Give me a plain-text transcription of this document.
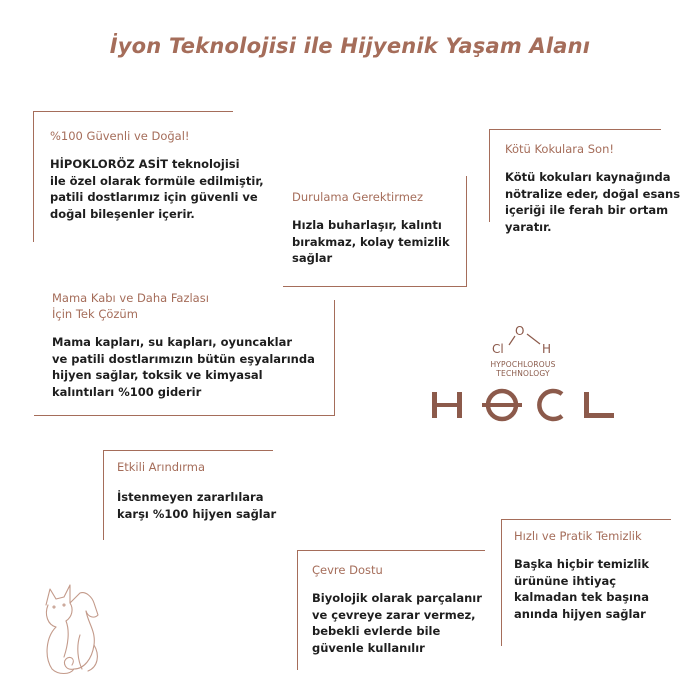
İyon Teknolojisi ile Hijyenik Yaşam Alanı
%100 Güvenli ve Doğal!
HİPOKLORÖZ ASİT teknolojisi
ile özel olarak formüle edilmiştir,
patili dostlarımız için güvenli ve
doğal bileşenler içerir.
Durulama Gerektirmez
Hızla buharlaşır, kalıntı
bırakmaz, kolay temizlik
sağlar
Kötü Kokulara Son!
Kötü kokuları kaynağında
nötralize eder, doğal esans
içeriği ile ferah bir ortam
yaratır.
Mama Kabı ve Daha Fazlası
İçin Tek Çözüm
Mama kapları, su kapları, oyuncaklar
ve patili dostlarımızın bütün eşyalarında
hijyen sağlar, toksik ve kimyasal
kalıntıları %100 giderir
Cl
O
H
HYPOCHLOROUS
TECHNOLOGY
Etkili Arındırma
İstenmeyen zararlılara
karşı %100 hijyen sağlar
Hızlı ve Pratik Temizlik
Başka hiçbir temizlik
ürününe ihtiyaç
kalmadan tek başına
anında hijyen sağlar
Çevre Dostu
Biyolojik olarak parçalanır
ve çevreye zarar vermez,
bebekli evlerde bile
güvenle kullanılır
